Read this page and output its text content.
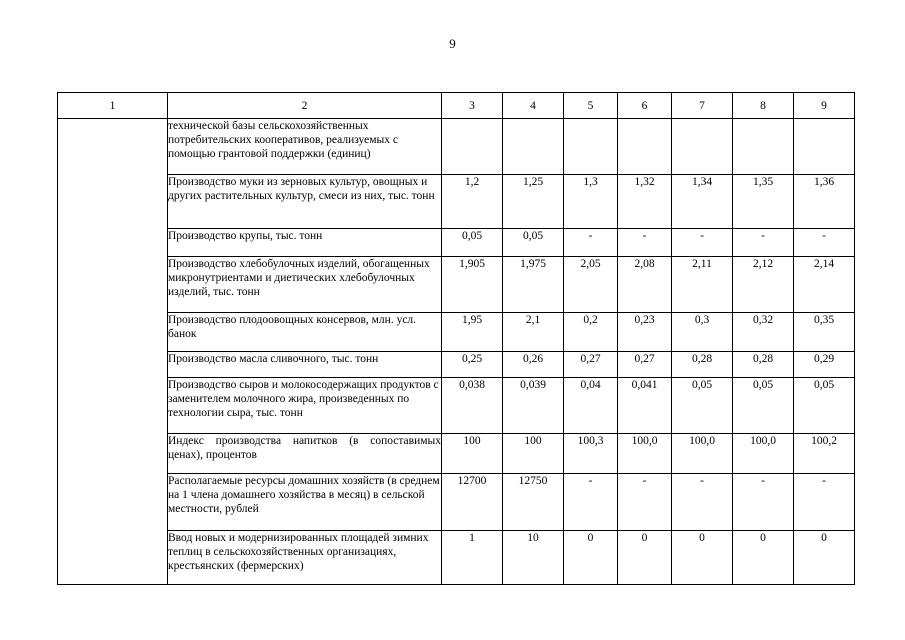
9
1	2	3	4	5	6	7	8	9
	технической базы сельскохозяйственных потребительских кооперативов, реализуемых с помощью грантовой поддержки (единиц)							
	Производство муки из зерновых культур, овощных и других растительных культур, смеси из них, тыс. тонн	1,2	1,25	1,3	1,32	1,34	1,35	1,36
	Производство крупы, тыс. тонн	0,05	0,05	-	-	-	-	-
	Производство хлебобулочных изделий, обогащенных микронутриентами и диетических хлебобулочных изделий, тыс. тонн	1,905	1,975	2,05	2,08	2,11	2,12	2,14
	Производство плодоовощных консервов, млн. усл. банок	1,95	2,1	0,2	0,23	0,3	0,32	0,35
	Производство масла сливочного, тыс. тонн	0,25	0,26	0,27	0,27	0,28	0,28	0,29
	Производство сыров и молокосодержащих продуктов с заменителем молочного жира, произведенных по технологии сыра, тыс. тонн	0,038	0,039	0,04	0,041	0,05	0,05	0,05
	Индекс производства напитков (в сопоставимых ценах), процентов	100	100	100,3	100,0	100,0	100,0	100,2
	Располагаемые ресурсы домашних хозяйств (в среднем на 1 члена домашнего хозяйства в месяц) в сельской местности, рублей	12700	12750	-	-	-	-	-
	Ввод новых и модернизированных площадей зимних теплиц в сельскохозяйственных организациях, крестьянских (фермерских)	1	10	0	0	0	0	0
